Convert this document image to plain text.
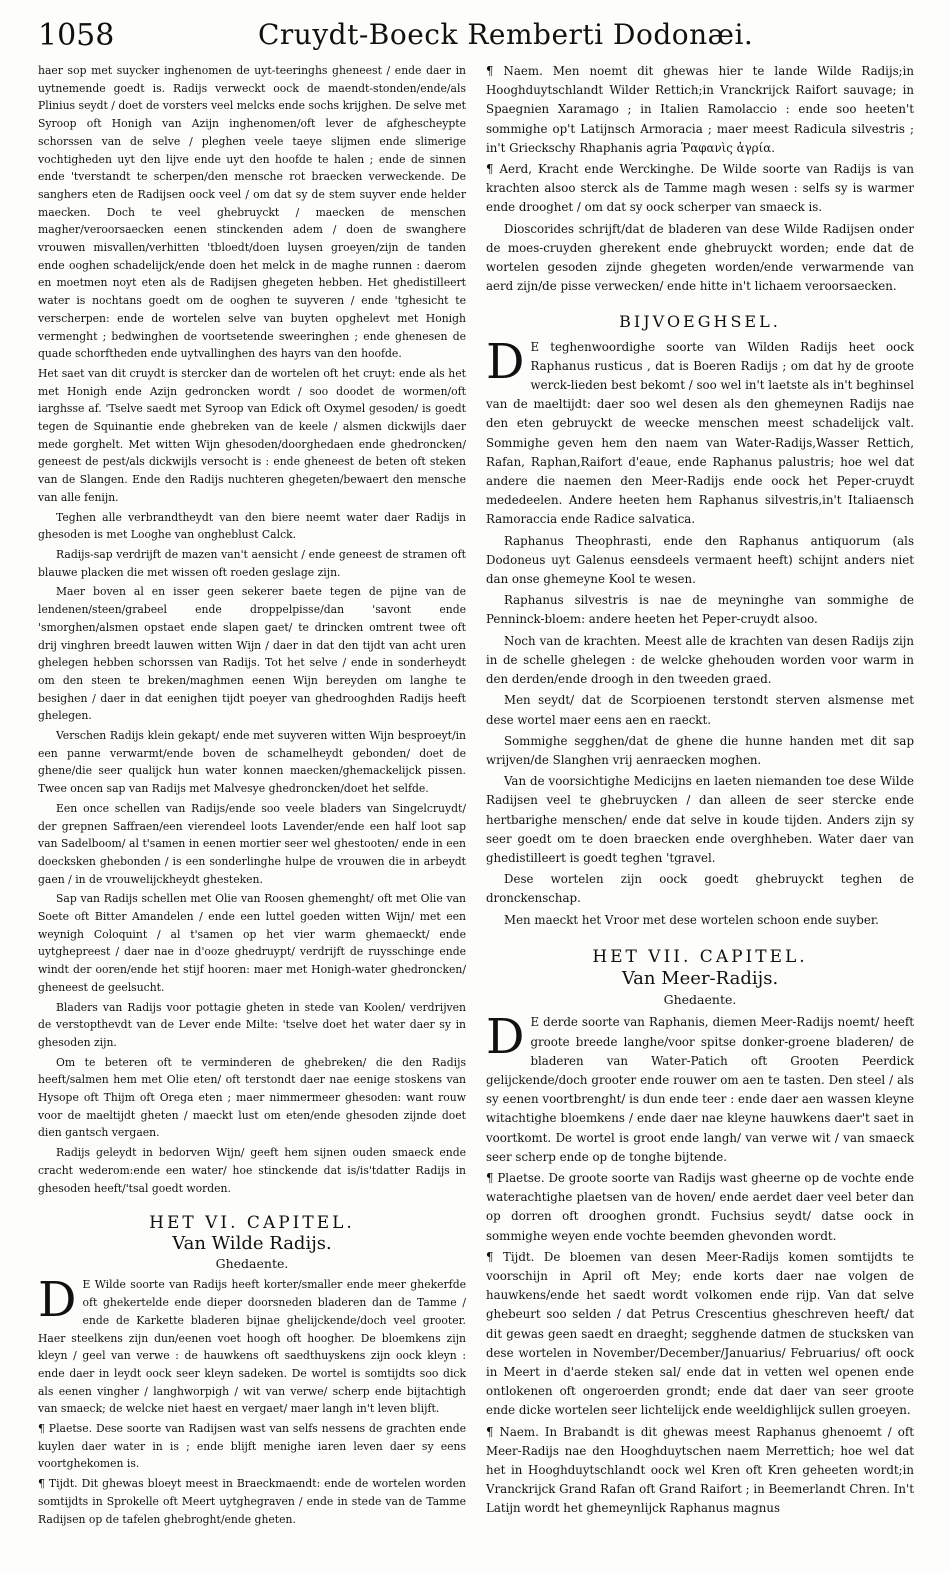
1058	Cruydt-Boeck Remberti Dodonæi.

haer sop met suycker inghenomen de uyt-teeringhs gheneest / ende daer in uytnemende goedt is. Radijs verweckt oock de maendt-stonden/ende/als Plinius seydt / doet de vorsters veel melcks ende sochs krijghen. De selve met Syroop oft Honigh van Azijn inghenomen/oft lever de afghescheypte schorssen van de selve / pleghen veele taeye slijmen ende slimerige vochtigheden uyt den lijve ende uyt den hoofde te halen ; ende de sinnen ende 'tverstandt te scherpen/den mensche rot braecken verweckende. De sanghers eten de Radijsen oock veel / om dat sy de stem suyver ende helder maecken. Doch te veel ghebruyckt / maecken de menschen magher/veroorsaecken eenen stinckenden adem / doen de swanghere vrouwen misvallen/verhitten 'tbloedt/doen luysen groeyen/zijn de tanden ende ooghen schadelijck/ende doen het melck in de maghe runnen : daerom en moetmen noyt eten als de Radijsen ghegeten hebben. Het ghedistilleert water is nochtans goedt om de ooghen te suyveren / ende 'tghesicht te verscherpen: ende de wortelen selve van buyten opghelevt met Honigh vermenght ; bedwinghen de voortsetende sweeringhen ; ende ghenesen de quade schorftheden ende uytvallinghen des hayrs van den hoofde.

Het saet van dit cruydt is stercker dan de wortelen oft het cruyt: ende als het met Honigh ende Azijn gedroncken wordt / soo doodet de wormen/oft iarghsse af. 'Tselve saedt met Syroop van Edick oft Oxymel gesoden/ is goedt tegen de Squinantie ende ghebreken van de keele / alsmen dickwijls daer mede gorghelt. Met witten Wijn ghesoden/doorghedaen ende ghedroncken/ geneest de pest/als dickwijls versocht is : ende gheneest de beten oft steken van de Slangen. Ende den Radijs nuchteren ghegeten/bewaert den mensche van alle fenijn.

Teghen alle verbrandtheydt van den biere neemt water daer Radijs in ghesoden is met Looghe van ongheblust Calck.

Radijs-sap verdrijft de mazen van't aensicht / ende geneest de stramen oft blauwe placken die met wissen oft roeden geslage zijn.

Maer boven al en isser geen sekerer baete tegen de pijne van de lendenen/steen/grabeel ende droppelpisse/dan 'savont ende 'smorghen/alsmen opstaet ende slapen gaet/ te drincken omtrent twee oft drij vinghren breedt lauwen witten Wijn / daer in dat den tijdt van acht uren ghelegen hebben schorssen van Radijs. Tot het selve / ende in sonderheydt om den steen te breken/maghmen eenen Wijn bereyden om langhe te besighen / daer in dat eenighen tijdt poeyer van ghedrooghden Radijs heeft ghelegen.

Verschen Radijs klein gekapt/ ende met suyveren witten Wijn besproeyt/in een panne verwarmt/ende boven de schamelheydt gebonden/ doet de ghene/die seer qualijck hun water konnen maecken/ghemackelijck pissen. Twee oncen sap van Radijs met Malvesye ghedroncken/doet het selfde.

Een once schellen van Radijs/ende soo veele bladers van Singelcruydt/ der grepnen Saffraen/een vierendeel loots Lavender/ende een half loot sap van Sadelboom/ al t'samen in eenen mortier seer wel ghestooten/ ende in een doecksken ghebonden / is een sonderlinghe hulpe de vrouwen die in arbeydt gaen / in de vrouwelijckheydt ghesteken.

Sap van Radijs schellen met Olie van Roosen ghemenght/ oft met Olie van Soete oft Bitter Amandelen / ende een luttel goeden witten Wijn/ met een weynigh Coloquint / al t'samen op het vier warm ghemaeckt/ ende uytghepreest / daer nae in d'ooze ghedruypt/ verdrijft de ruysschinge ende windt der ooren/ende het stijf hooren: maer met Honigh-water ghedroncken/ gheneest de geelsucht.

Bladers van Radijs voor pottagie gheten in stede van Koolen/ verdrijven de verstopthevdt van de Lever ende Milte: 'tselve doet het water daer sy in ghesoden zijn.

Om te beteren oft te verminderen de ghebreken/ die den Radijs heeft/salmen hem met Olie eten/ oft terstondt daer nae eenige stoskens van Hysope oft Thijm oft Orega eten ; maer nimmermeer ghesoden: want rouw voor de maeltijdt gheten / maeckt lust om eten/ende ghesoden zijnde doet dien gantsch vergaen.

Radijs geleydt in bedorven Wijn/ geeft hem sijnen ouden smaeck ende cracht wederom:ende een water/ hoe stinckende dat is/is'tdatter Radijs in ghesoden heeft/'tsal goedt worden.

HET VI. CAPITEL.
Van Wilde Radijs.
Ghedaente.

D E Wilde soorte van Radijs heeft korter/smaller ende meer ghekerfde oft ghekertelde ende dieper doorsneden bladeren dan de Tamme / ende de Karkette bladeren bijnae ghelijckende/doch veel grooter. Haer steelkens zijn dun/eenen voet hoogh oft hoogher. De bloemkens zijn kleyn / geel van verwe : de hauwkens oft saedthuyskens zijn oock kleyn : ende daer in leydt oock seer kleyn sadeken. De wortel is somtijdts soo dick als eenen vingher / langhworpigh / wit van verwe/ scherp ende bijtachtigh van smaeck; de welcke niet haest en vergaet/ maer langh in't leven blijft.

¶ Plaetse. Dese soorte van Radijsen wast van selfs nessens de grachten ende kuylen daer water in is ; ende blijft menighe iaren leven daer sy eens voortghekomen is.

¶ Tijdt. Dit ghewas bloeyt meest in Braeckmaendt: ende de wortelen worden somtijdts in Sprokelle oft Meert uytghegraven / ende in stede van de Tamme Radijsen op de tafelen ghebroght/ende gheten.

¶ Naem. Men noemt dit ghewas hier te lande Wilde Radijs;in Hooghduytschlandt Wilder Rettich;in Vranckrijck Raifort sauvage; in Spaegnien Xaramago ; in Italien Ramolaccio : ende soo heeten't sommighe op't Latijnsch Armoracia ; maer meest Radicula silvestris ; in't Grieckschy Rhaphanis agria Ῥαφανὶς ἀγρία.

¶ Aerd, Kracht ende Werckinghe. De Wilde soorte van Radijs is van krachten alsoo sterck als de Tamme magh wesen : selfs sy is warmer ende drooghet / om dat sy oock scherper van smaeck is.

Dioscorides schrijft/dat de bladeren van dese Wilde Radijsen onder de moes-cruyden gherekent ende ghebruyckt worden; ende dat de wortelen gesoden zijnde ghegeten worden/ende verwarmende van aerd zijn/de pisse verwecken/ ende hitte in't lichaem veroorsaecken.

BIJVOEGHSEL.

D E teghenwoordighe soorte van Wilden Radijs heet oock Raphanus rusticus , dat is Boeren Radijs ; om dat hy de groote werck-lieden best bekomt / soo wel in't laetste als in't beghinsel van de maeltijdt: daer soo wel desen als den ghemeynen Radijs nae den eten gebruyckt de weecke menschen meest schadelijck valt. Sommighe geven hem den naem van Water-Radijs,Wasser Rettich, Rafan, Raphan,Raifort d'eaue, ende Raphanus palustris; hoe wel dat andere die naemen den Meer-Radijs ende oock het Peper-cruydt mededeelen. Andere heeten hem Raphanus silvestris,in't Italiaensch Ramoraccia ende Radice salvatica.

Raphanus Theophrasti, ende den Raphanus antiquorum (als Dodoneus uyt Galenus eensdeels vermaent heeft) schijnt anders niet dan onse ghemeyne Kool te wesen.

Raphanus silvestris is nae de meyninghe van sommighe de Penninck-bloem: andere heeten het Peper-cruydt alsoo.

Noch van de krachten. Meest alle de krachten van desen Radijs zijn in de schelle ghelegen : de welcke ghehouden worden voor warm in den derden/ende droogh in den tweeden graed.

Men seydt/ dat de Scorpioenen terstondt sterven alsmense met dese wortel maer eens aen en raeckt.

Sommighe segghen/dat de ghene die hunne handen met dit sap wrijven/de Slanghen vrij aenraecken moghen.

Van de voorsichtighe Medicijns en laeten niemanden toe dese Wilde Radijsen veel te ghebruycken / dan alleen de seer stercke ende hertbarighe menschen/ ende dat selve in koude tijden. Anders zijn sy seer goedt om te doen braecken ende overghheben. Water daer van ghedistilleert is goedt teghen 'tgravel.

Dese wortelen zijn oock goedt ghebruyckt teghen de dronckenschap.

Men maeckt het Vroor met dese wortelen schoon ende suyber.

HET VII. CAPITEL.
Van Meer-Radijs.
Ghedaente.

D E derde soorte van Raphanis, diemen Meer-Radijs noemt/ heeft groote breede langhe/voor spitse donker-groene bladeren/ de bladeren van Water-Patich oft Grooten Peerdick gelijckende/doch grooter ende rouwer om aen te tasten. Den steel / als sy eenen voortbrenght/ is dun ende teer : ende daer aen wassen kleyne witachtighe bloemkens / ende daer nae kleyne hauwkens daer't saet in voortkomt. De wortel is groot ende langh/ van verwe wit / van smaeck seer scherp ende op de tonghe bijtende.

¶ Plaetse. De groote soorte van Radijs wast gheerne op de vochte ende waterachtighe plaetsen van de hoven/ ende aerdet daer veel beter dan op dorren oft drooghen grondt. Fuchsius seydt/ datse oock in sommighe weyen ende vochte beemden ghevonden wordt.

¶ Tijdt. De bloemen van desen Meer-Radijs komen somtijdts te voorschijn in April oft Mey; ende korts daer nae volgen de hauwkens/ende het saedt wordt volkomen ende rijp. Van dat selve ghebeurt soo selden / dat Petrus Crescentius gheschreven heeft/ dat dit gewas geen saedt en draeght; segghende datmen de stucksken van dese wortelen in November/December/Januarius/ Februarius/ oft oock in Meert in d'aerde steken sal/ ende dat in vetten wel openen ende ontlokenen oft ongeroerden grondt; ende dat daer van seer groote ende dicke wortelen seer lichtelijck ende weeldighlijck sullen groeyen.

¶ Naem. In Brabandt is dit ghewas meest Raphanus ghenoemt / oft Meer-Radijs nae den Hooghduytschen naem Merrettich; hoe wel dat het in Hooghduytschlandt oock wel Kren oft Kren geheeten wordt;in Vranckrijck Grand Rafan oft Grand Raifort ; in Beemerlandt Chren. In't Latijn wordt het ghemeynlijck Raphanus magnus
